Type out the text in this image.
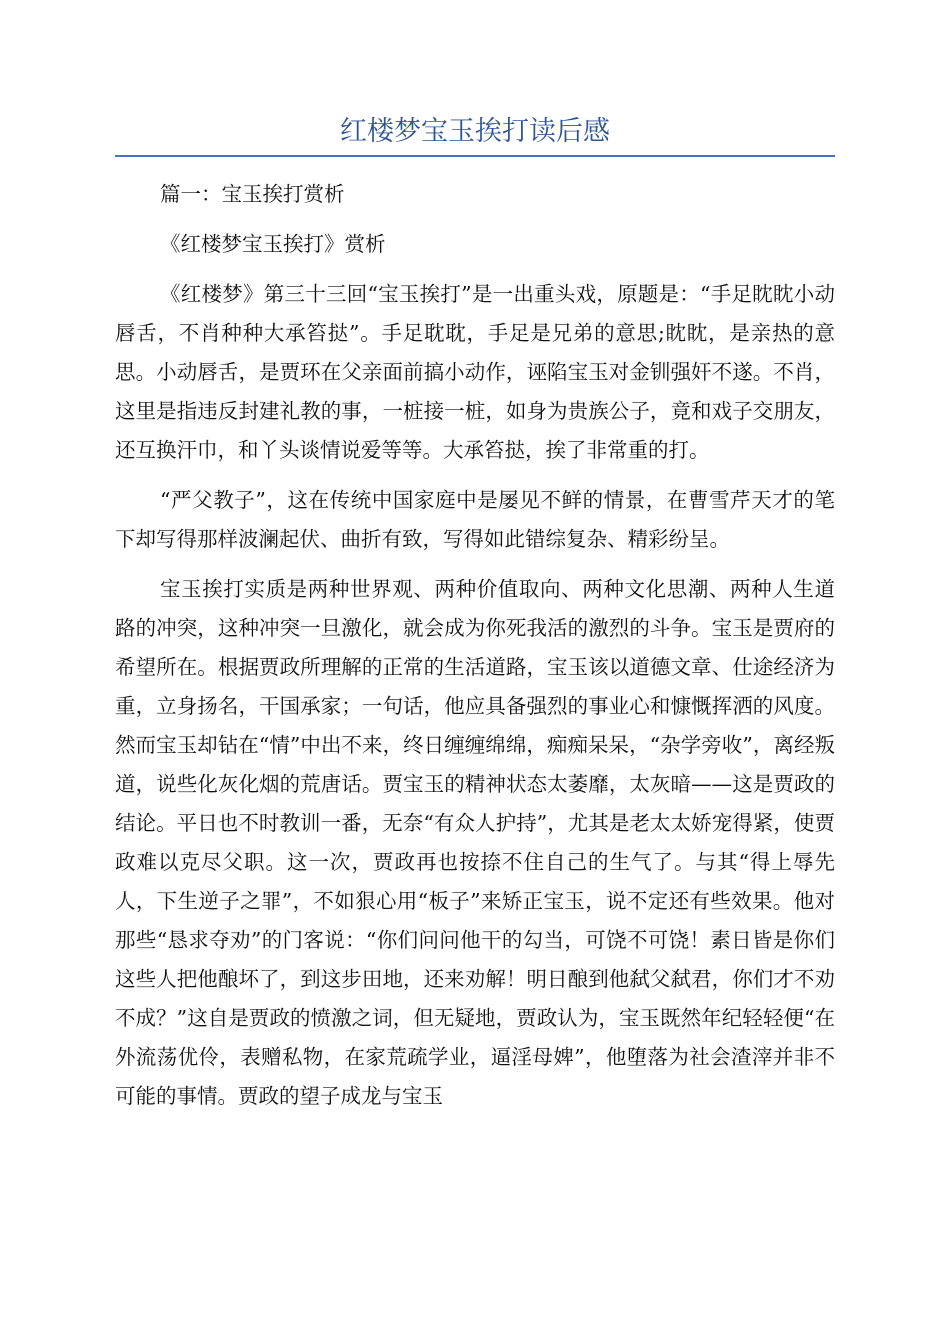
红楼梦宝玉挨打读后感

篇一：宝玉挨打赏析

《红楼梦宝玉挨打》赏析

《红楼梦》第三十三回“宝玉挨打”是一出重头戏，原题是：“手足眈眈小动唇舌，不肖种种大承笞挞”。手足耽耽，手足是兄弟的意思;眈眈，是亲热的意思。小动唇舌，是贾环在父亲面前搞小动作，诬陷宝玉对金钏强奸不遂。不肖，这里是指违反封建礼教的事，一桩接一桩，如身为贵族公子，竟和戏子交朋友，还互换汗巾，和丫头谈情说爱等等。大承笞挞，挨了非常重的打。

“严父教子”，这在传统中国家庭中是屡见不鲜的情景，在曹雪芹天才的笔下却写得那样波澜起伏、曲折有致，写得如此错综复杂、精彩纷呈。

宝玉挨打实质是两种世界观、两种价值取向、两种文化思潮、两种人生道路的冲突，这种冲突一旦激化，就会成为你死我活的激烈的斗争。宝玉是贾府的希望所在。根据贾政所理解的正常的生活道路，宝玉该以道德文章、仕途经济为重，立身扬名，干国承家；一句话，他应具备强烈的事业心和慷慨挥洒的风度。然而宝玉却钻在“情”中出不来，终日缠缠绵绵，痴痴呆呆，“杂学旁收”，离经叛道，说些化灰化烟的荒唐话。贾宝玉的精神状态太萎靡，太灰暗——这是贾政的结论。平日也不时教训一番，无奈“有众人护持”，尤其是老太太娇宠得紧，使贾政难以克尽父职。这一次，贾政再也按捺不住自己的生气了。与其“得上辱先人，下生逆子之罪”，不如狠心用“板子”来矫正宝玉，说不定还有些效果。他对那些“恳求夺劝”的门客说：“你们问问他干的勾当，可饶不可饶！素日皆是你们这些人把他酿坏了，到这步田地，还来劝解！明日酿到他弑父弑君，你们才不劝不成？”这自是贾政的愤激之词，但无疑地，贾政认为，宝玉既然年纪轻轻便“在外流荡优伶，表赠私物，在家荒疏学业，逼淫母婢”，他堕落为社会渣滓并非不可能的事情。贾政的望子成龙与宝玉
